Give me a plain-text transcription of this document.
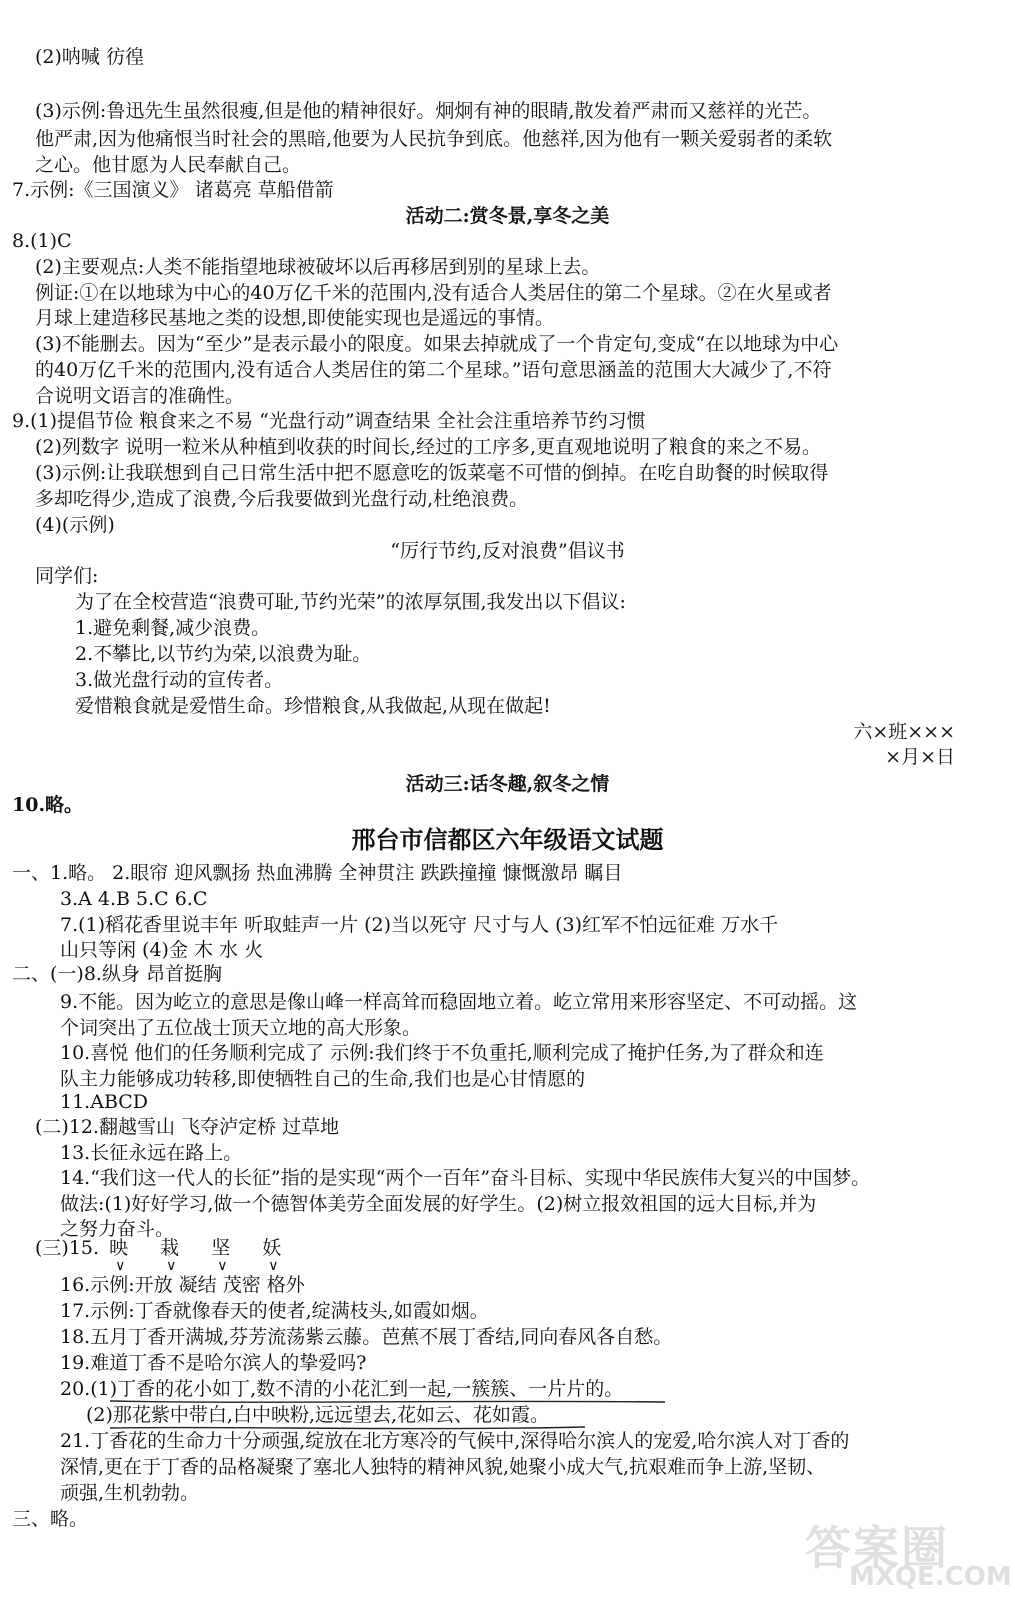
(2)呐喊 彷徨
(3)示例:鲁迅先生虽然很瘦,但是他的精神很好。炯炯有神的眼睛,散发着严肃而又慈祥的光芒。
他严肃,因为他痛恨当时社会的黑暗,他要为人民抗争到底。他慈祥,因为他有一颗关爱弱者的柔软
之心。他甘愿为人民奉献自己。
7.示例:《三国演义》 诸葛亮 草船借箭
活动二:赏冬景,享冬之美
8.(1)C
(2)主要观点:人类不能指望地球被破坏以后再移居到别的星球上去。
例证:①在以地球为中心的40万亿千米的范围内,没有适合人类居住的第二个星球。②在火星或者
月球上建造移民基地之类的设想,即使能实现也是遥远的事情。
(3)不能删去。因为“至少”是表示最小的限度。如果去掉就成了一个肯定句,变成“在以地球为中心
的40万亿千米的范围内,没有适合人类居住的第二个星球。”语句意思涵盖的范围大大减少了,不符
合说明文语言的准确性。
9.(1)提倡节俭 粮食来之不易 “光盘行动”调查结果 全社会注重培养节约习惯
(2)列数字 说明一粒米从种植到收获的时间长,经过的工序多,更直观地说明了粮食的来之不易。
(3)示例:让我联想到自己日常生活中把不愿意吃的饭菜毫不可惜的倒掉。在吃自助餐的时候取得
多却吃得少,造成了浪费,今后我要做到光盘行动,杜绝浪费。
(4)(示例)
“厉行节约,反对浪费”倡议书
同学们:
为了在全校营造“浪费可耻,节约光荣”的浓厚氛围,我发出以下倡议:
1.避免剩餐,减少浪费。
2.不攀比,以节约为荣,以浪费为耻。
3.做光盘行动的宣传者。
爱惜粮食就是爱惜生命。珍惜粮食,从我做起,从现在做起!
六×班×××
×月×日
活动三:话冬趣,叙冬之情
10.略。
邢台市信都区六年级语文试题
一、1.略。 2.眼帘 迎风飘扬 热血沸腾 全神贯注 跌跌撞撞 慷慨激昂 瞩目
3.A 4.B 5.C 6.C
7.(1)稻花香里说丰年 听取蛙声一片 (2)当以死守 尺寸与人 (3)红军不怕远征难 万水千
山只等闲 (4)金 木 水 火
二、(一)8.纵身 昂首挺胸
9.不能。因为屹立的意思是像山峰一样高耸而稳固地立着。屹立常用来形容坚定、不可动摇。这
个词突出了五位战士顶天立地的高大形象。
10.喜悦 他们的任务顺利完成了 示例:我们终于不负重托,顺利完成了掩护任务,为了群众和连
队主力能够成功转移,即使牺牲自己的生命,我们也是心甘情愿的
11.ABCD
(二)12.翻越雪山 飞夺泸定桥 过草地
13.长征永远在路上。
14.“我们这一代人的长征”指的是实现“两个一百年”奋斗目标、实现中华民族伟大复兴的中国梦。
做法:(1)好好学习,做一个德智体美劳全面发展的好学生。(2)树立报效祖国的远大目标,并为
之努力奋斗。
(三)15. 映
∨
栽
∨
坚
∨
妖
∨
16.示例:开放 凝结 茂密 格外
17.示例:丁香就像春天的使者,绽满枝头,如霞如烟。
18.五月丁香开满城,芬芳流荡紫云藤。芭蕉不展丁香结,同向春风各自愁。
19.难道丁香不是哈尔滨人的挚爱吗?
20.(1)丁香的花小如丁,数不清的小花汇到一起,一簇簇、一片片的。
(2)那花紫中带白,白中映粉,远远望去,花如云、花如霞。
21.丁香花的生命力十分顽强,绽放在北方寒冷的气候中,深得哈尔滨人的宠爱,哈尔滨人对丁香的
深情,更在于丁香的品格凝聚了塞北人独特的精神风貌,她聚小成大气,抗艰难而争上游,坚韧、
顽强,生机勃勃。
三、略。
答案圈
MXQE.COM
